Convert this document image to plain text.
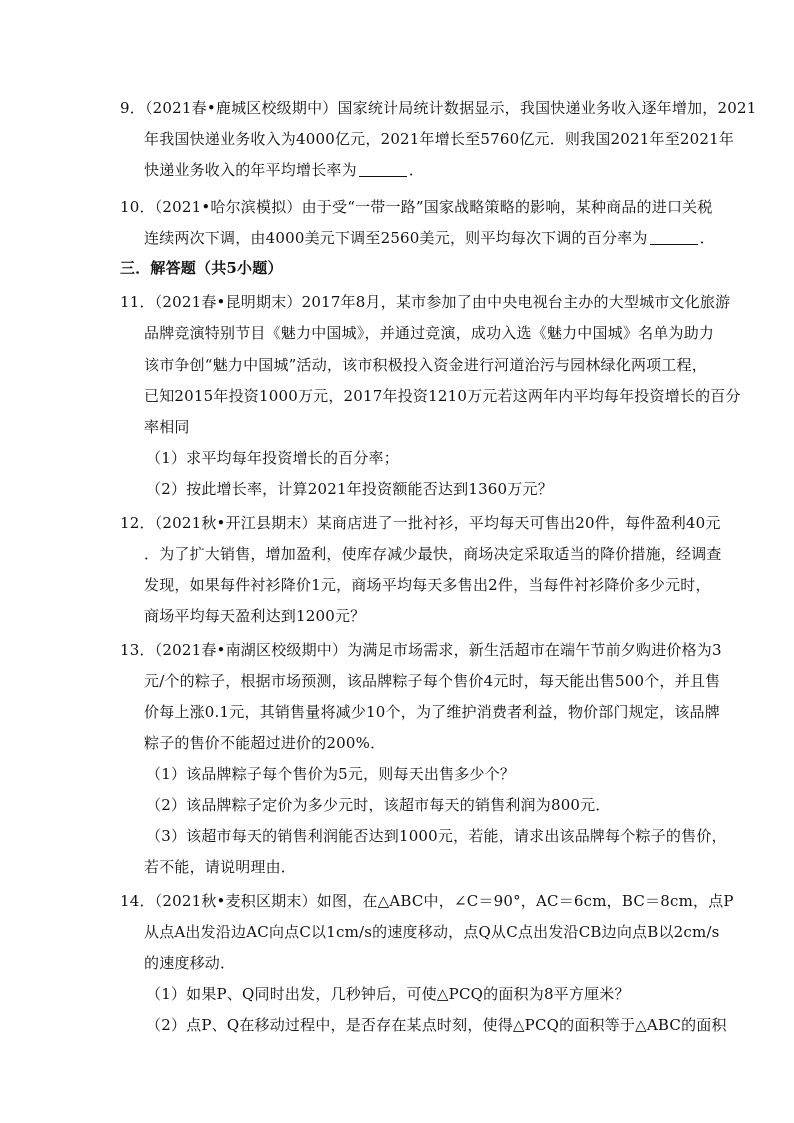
9．（2021春•鹿城区校级期中）国家统计局统计数据显示，我国快递业务收入逐年增加，2021
年我国快递业务收入为4000亿元，2021年增长至5760亿元．则我国2021年至2021年
快递业务收入的年平均增长率为	．
10．（2021•哈尔滨模拟）由于受“一带一路”国家战略策略的影响，某种商品的进口关税
连续两次下调，由4000美元下调至2560美元，则平均每次下调的百分率为	．
三．解答题（共5小题）
11．（2021春•昆明期末）2017年8月，某市参加了由中央电视台主办的大型城市文化旅游
品牌竞演特别节目《魅力中国城》，并通过竞演，成功入选《魅力中国城》名单为助力
该市争创“魅力中国城”活动，该市积极投入资金进行河道治污与园林绿化两项工程，
已知2015年投资1000万元，2017年投资1210万元若这两年内平均每年投资增长的百分
率相同
（1）求平均每年投资增长的百分率；
（2）按此增长率，计算2021年投资额能否达到1360万元？
12．（2021秋•开江县期末）某商店进了一批衬衫，平均每天可售出20件，每件盈利40元
．为了扩大销售，增加盈利，使库存减少最快，商场决定采取适当的降价措施，经调查
发现，如果每件衬衫降价1元，商场平均每天多售出2件，当每件衬衫降价多少元时，
商场平均每天盈利达到1200元？
13．（2021春•南湖区校级期中）为满足市场需求，新生活超市在端午节前夕购进价格为3
元/个的粽子，根据市场预测，该品牌粽子每个售价4元时，每天能出售500个，并且售
价每上涨0.1元，其销售量将减少10个，为了维护消费者利益，物价部门规定，该品牌
粽子的售价不能超过进价的200%．
（1）该品牌粽子每个售价为5元，则每天出售多少个？
（2）该品牌粽子定价为多少元时，该超市每天的销售利润为800元．
（3）该超市每天的销售利润能否达到1000元，若能，请求出该品牌每个粽子的售价，
若不能，请说明理由．
14．（2021秋•麦积区期末）如图，在△ABC中，∠C＝90°，AC＝6cm，BC＝8cm，点P
从点A出发沿边AC向点C以1cm/s的速度移动，点Q从C点出发沿CB边向点B以2cm/s
的速度移动．
（1）如果P、Q同时出发，几秒钟后，可使△PCQ的面积为8平方厘米？
（2）点P、Q在移动过程中，是否存在某点时刻，使得△PCQ的面积等于△ABC的面积
